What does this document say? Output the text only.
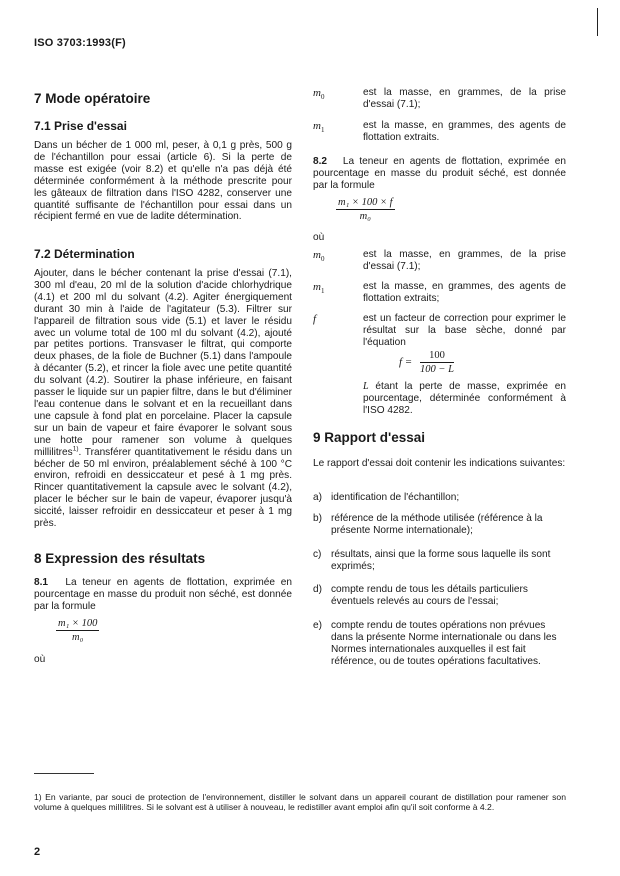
ISO 3703:1993(F)
7 Mode opératoire
7.1 Prise d'essai

Dans un bécher de 1 000 ml, peser, à 0,1 g près, 500 g de l'échantillon pour essai (article 6). Si la perte de masse est exigée (voir 8.2) et qu'elle n'a pas déjà été déterminée conformément à la méthode prescrite pour les gâteaux de filtration dans l'ISO 4282, conserver une quantité suffisante de l'échantillon pour essai dans un récipient fermé en vue de ladite détermination.

7.2 Détermination

Ajouter, dans le bécher contenant la prise d'essai (7.1), 300 ml d'eau, 20 ml de la solution d'acide chlorhydrique (4.1) et 200 ml du solvant (4.2). Agiter énergiquement durant 30 min à l'aide de l'agitateur (5.3). Filtrer sur l'appareil de filtration sous vide (5.1) et laver le résidu avec un volume total de 100 ml du solvant (4.2), ajouté par petites portions. Transvaser le filtrat, qui comporte deux phases, de la fiole de Buchner (5.1) dans l'ampoule à décanter (5.2), et rincer la fiole avec une petite quantité du solvant (4.2). Soutirer la phase inférieure, en faisant passer le liquide sur un papier filtre, dans le but d'éliminer l'eau contenue dans le solvant et en la recueillant dans une capsule à fond plat en porcelaine. Placer la capsule sur un bain de vapeur et faire évaporer le solvant sous une hotte pour ramener son volume à quelques millilitres$^{1)}$. Transférer quantitativement le résidu dans un bécher de 50 ml environ, préalablement séché à 100 °C environ, refroidi en dessiccateur et pesé à 1 mg près. Rincer quantitativement la capsule avec le solvant (4.2), placer le bécher sur le bain de vapeur, évaporer jusqu'à siccité, laisser refroidir en dessiccateur et peser à 1 mg près.

8 Expression des résultats

8.1 La teneur en agents de flottation, exprimée en pourcentage en masse du produit non séché, est donnée par la formule

$\frac{\text{m₁ × 100}}{\text{m₀}}$
où
$m_0$	est la masse, en grammes, de la prise d'essai (7.1);
$m_1$	est la masse, en grammes, des agents de flottation extraits.

8.2 La teneur en agents de flottation, exprimée en pourcentage en masse du produit séché, est donnée par la formule

$\frac{\text{m₁ × 100 × f}}{\text{m₀}}$
où
$m_0$	est la masse, en grammes, de la prise d'essai (7.1);
$m_1$	est la masse, en grammes, des agents de flottation extraits;
f	est un facteur de correction pour exprimer le résultat sur la base sèche, donné par l'équation
$f = \frac{100}{100 - L}$

L étant la perte de masse, exprimée en pourcentage, déterminée conformément à l'ISO 4282.

9 Rapport d'essai

Le rapport d'essai doit contenir les indications suivantes:

a) identification de l'échantillon;
b) référence de la méthode utilisée (référence à la présente Norme internationale);
c) résultats, ainsi que la forme sous laquelle ils sont exprimés;
d) compte rendu de tous les détails particuliers éventuels relevés au cours de l'essai;
e) compte rendu de toutes opérations non prévues dans la présente Norme internationale ou dans les Normes internationales auxquelles il est fait référence, ou de toutes opérations facultatives.

1) En variante, par souci de protection de l'environnement, distiller le solvant dans un appareil courant de distillation pour ramener son volume à quelques millilitres. Si le solvant est à utiliser à nouveau, le redistiller avant emploi afin qu'il soit conforme à 4.2.

2
